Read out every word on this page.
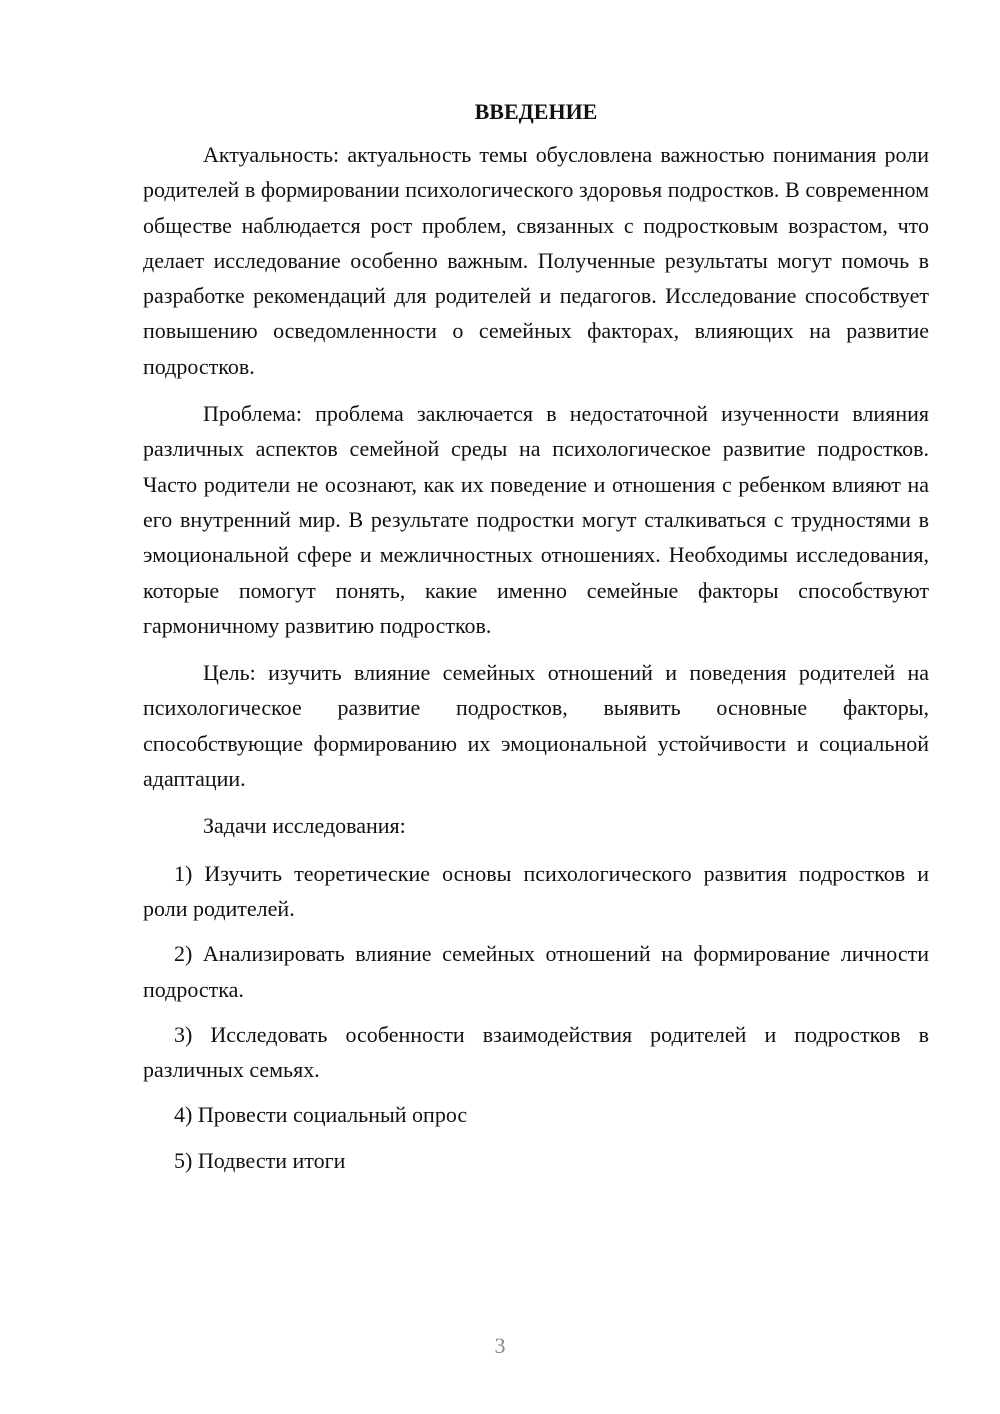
ВВЕДЕНИЕ

Актуальность: актуальность темы обусловлена важностью понимания роли родителей в формировании психологического здоровья подростков. В современном обществе наблюдается рост проблем, связанных с подростковым возрастом, что делает исследование особенно важным. Полученные результаты могут помочь в разработке рекомендаций для родителей и педагогов. Исследование способствует повышению осведомленности о семейных факторах, влияющих на развитие подростков.

Проблема: проблема заключается в недостаточной изученности влияния различных аспектов семейной среды на психологическое развитие подростков. Часто родители не осознают, как их поведение и отношения с ребенком влияют на его внутренний мир. В результате подростки могут сталкиваться с трудностями в эмоциональной сфере и межличностных отношениях. Необходимы исследования, которые помогут понять, какие именно семейные факторы способствуют гармоничному развитию подростков.

Цель: изучить влияние семейных отношений и поведения родителей на психологическое развитие подростков, выявить основные факторы, способствующие формированию их эмоциональной устойчивости и социальной адаптации.

Задачи исследования:

1) Изучить теоретические основы психологического развития подростков и роли родителей.

2) Анализировать влияние семейных отношений на формирование личности подростка.

3) Исследовать особенности взаимодействия родителей и подростков в различных семьях.

4) Провести социальный опрос

5) Подвести итоги

3
